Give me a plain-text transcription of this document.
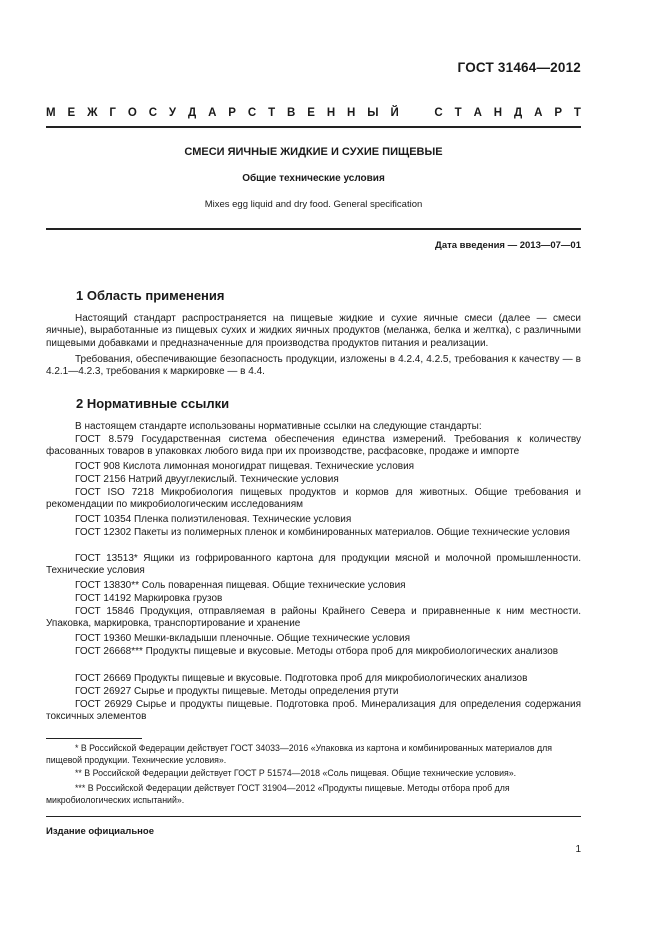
ГОСТ 31464—2012
М Е Ж Г О С У Д А Р С Т В Е Н Н Ы Й	С Т А Н Д А Р Т
СМЕСИ ЯИЧНЫЕ ЖИДКИЕ И СУХИЕ ПИЩЕВЫЕ
Общие технические условия
Mixes egg liquid and dry food. General specification
Дата введения — 2013—07—01
1 Область применения
Настоящий стандарт распространяется на пищевые жидкие и сухие яичные смеси (далее — смеси яичные), выработанные из пищевых сухих и жидких яичных продуктов (меланжа, белка и желтка), с различными пищевыми добавками и предназначенные для производства продуктов питания и реализации.
Требования, обеспечивающие безопасность продукции, изложены в 4.2.4, 4.2.5, требования к качеству — в 4.2.1—4.2.3, требования к маркировке — в 4.4.
2 Нормативные ссылки
В настоящем стандарте использованы нормативные ссылки на следующие стандарты:
ГОСТ 8.579 Государственная система обеспечения единства измерений. Требования к количеству фасованных товаров в упаковках любого вида при их производстве, расфасовке, продаже и импорте
ГОСТ 908 Кислота лимонная моногидрат пищевая. Технические условия
ГОСТ 2156 Натрий двууглекислый. Технические условия
ГОСТ ISO 7218 Микробиология пищевых продуктов и кормов для животных. Общие требования и рекомендации по микробиологическим исследованиям
ГОСТ 10354 Пленка полиэтиленовая. Технические условия
ГОСТ 12302 Пакеты из полимерных пленок и комбинированных материалов. Общие технические условия
ГОСТ 13513* Ящики из гофрированного картона для продукции мясной и молочной промышленности. Технические условия
ГОСТ 13830** Соль поваренная пищевая. Общие технические условия
ГОСТ 14192 Маркировка грузов
ГОСТ 15846 Продукция, отправляемая в районы Крайнего Севера и приравненные к ним местности. Упаковка, маркировка, транспортирование и хранение
ГОСТ 19360 Мешки-вкладыши пленочные. Общие технические условия
ГОСТ 26668*** Продукты пищевые и вкусовые. Методы отбора проб для микробиологических анализов
ГОСТ 26669 Продукты пищевые и вкусовые. Подготовка проб для микробиологических анализов
ГОСТ 26927 Сырье и продукты пищевые. Методы определения ртути
ГОСТ 26929 Сырье и продукты пищевые. Подготовка проб. Минерализация для определения содержания токсичных элементов
* В Российской Федерации действует ГОСТ 34033—2016 «Упаковка из картона и комбинированных материалов для пищевой продукции. Технические условия».
** В Российской Федерации действует ГОСТ Р 51574—2018 «Соль пищевая. Общие технические условия».
*** В Российской Федерации действует ГОСТ 31904—2012 «Продукты пищевые. Методы отбора проб для микробиологических испытаний».
Издание официальное
1
